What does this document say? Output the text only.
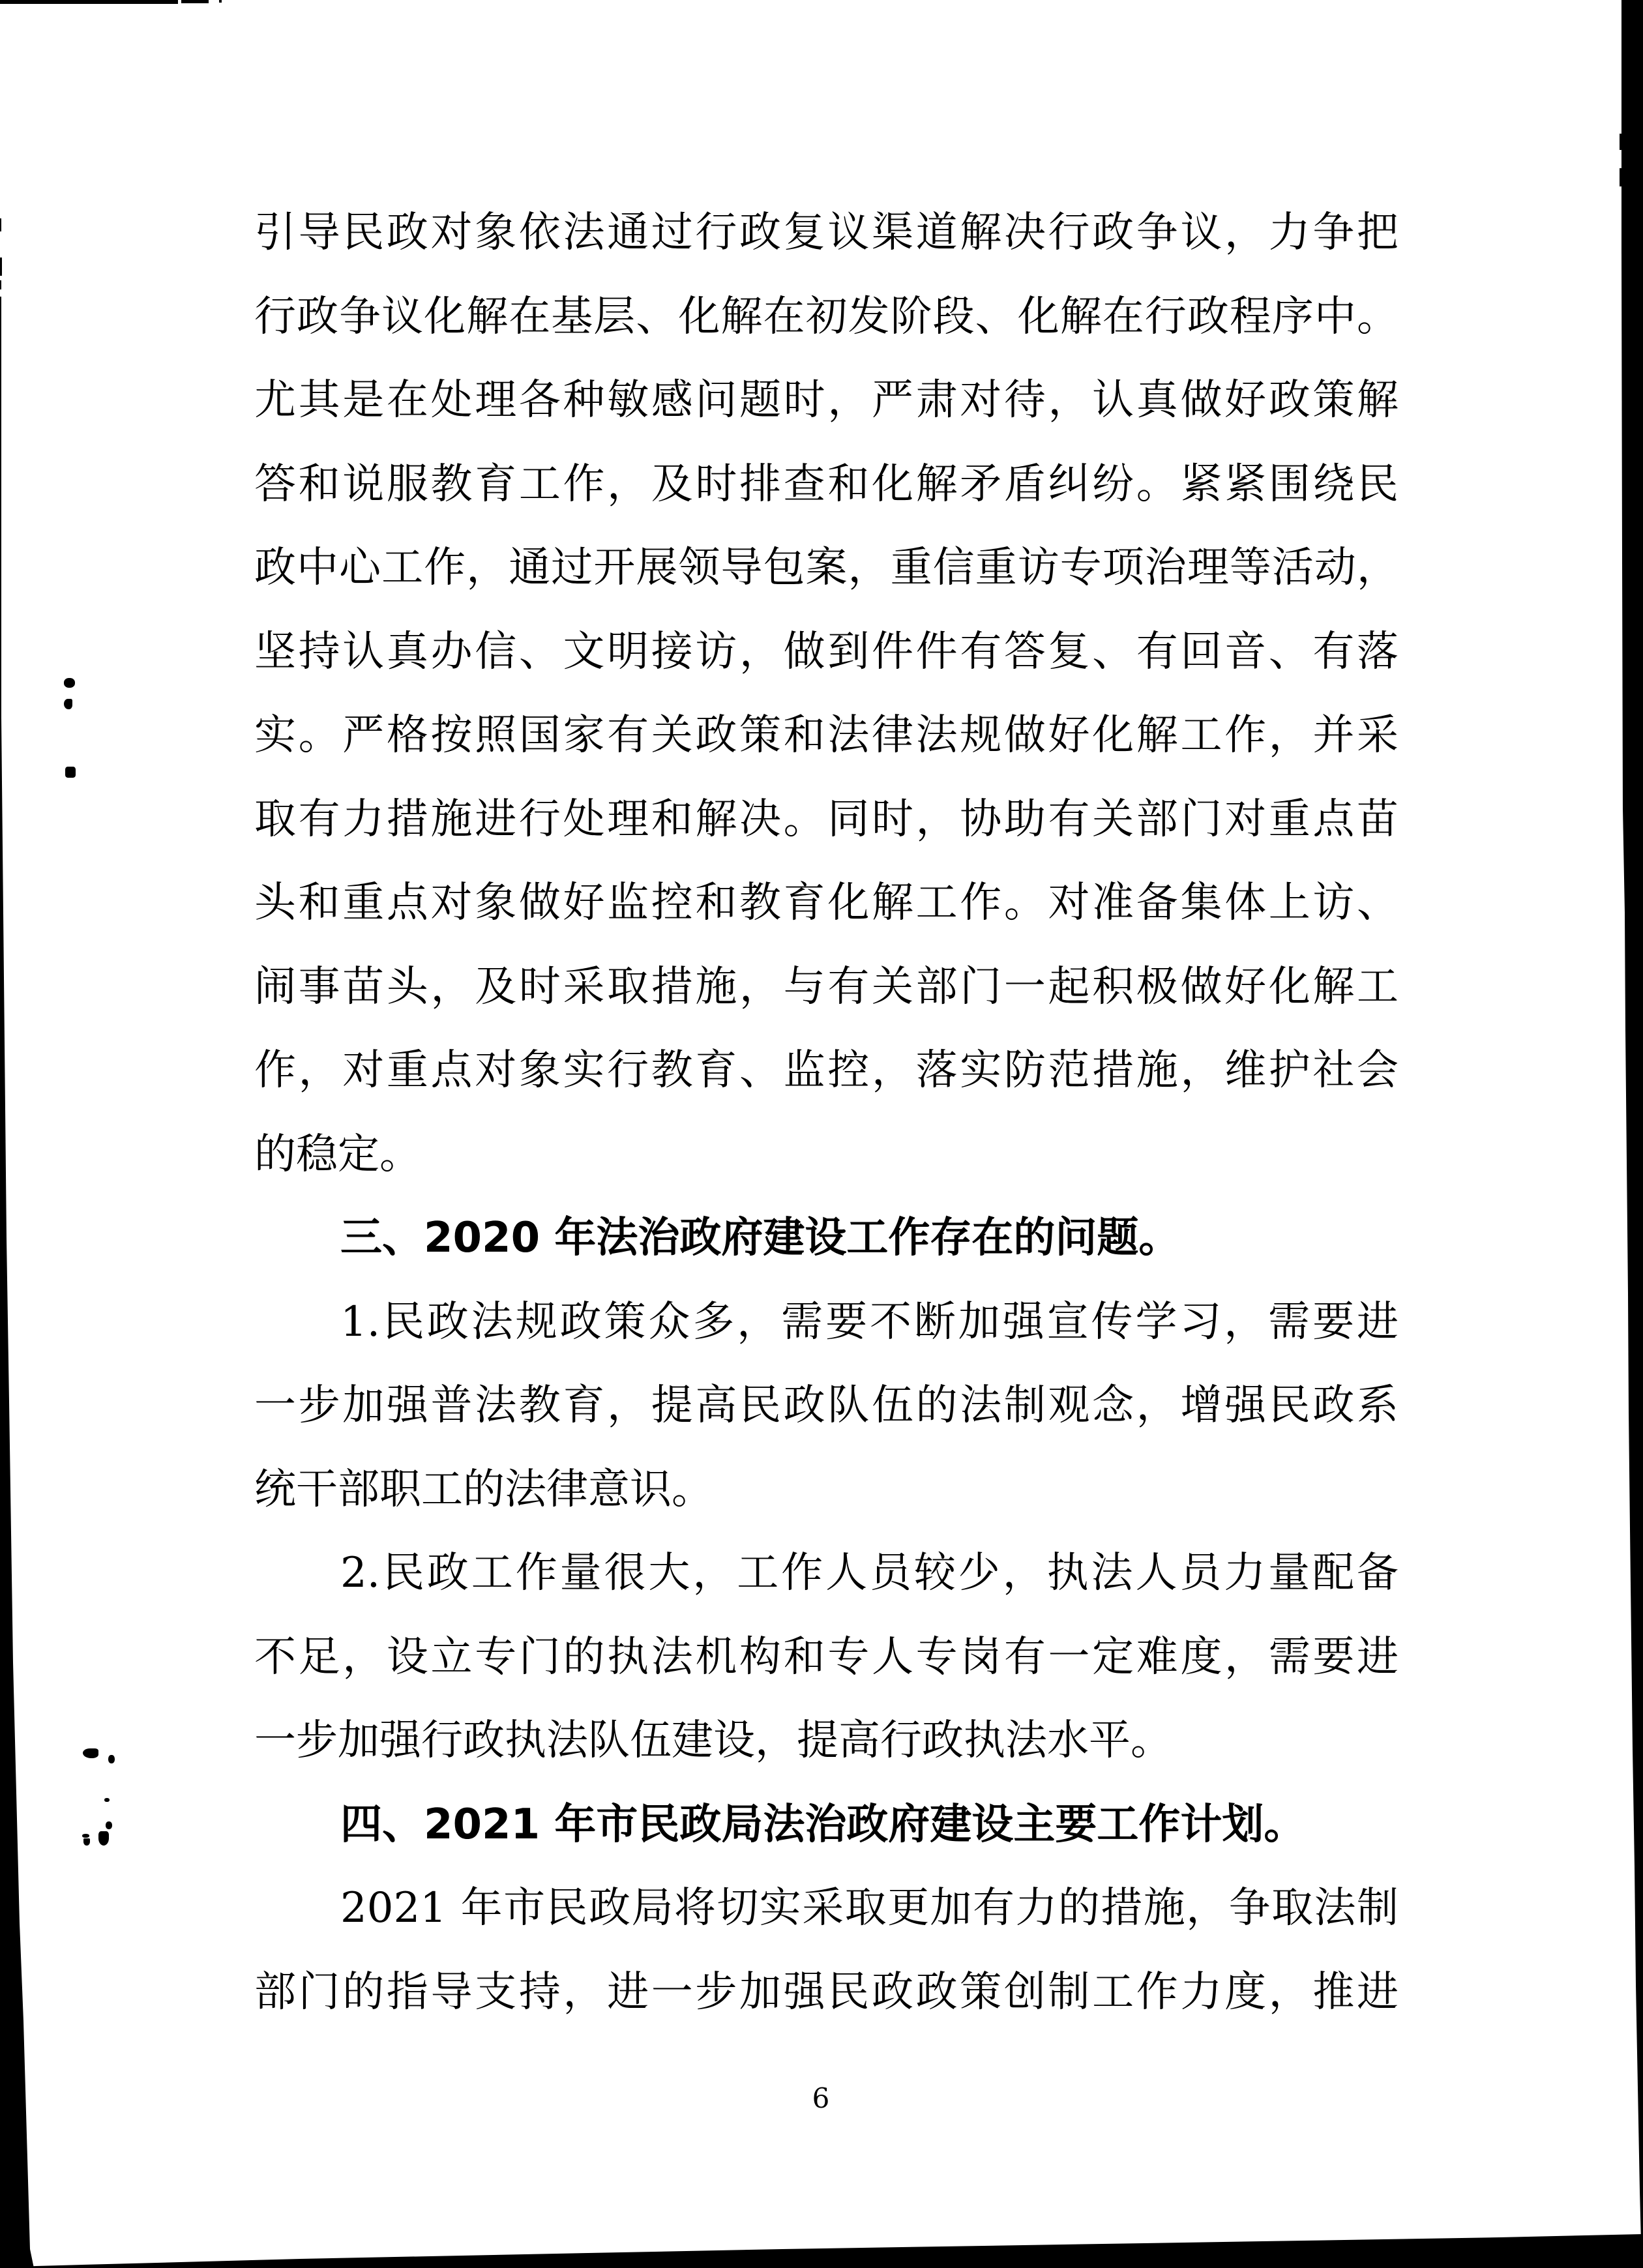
引导民政对象依法通过行政复议渠道解决行政争议，力争把
行政争议化解在基层、化解在初发阶段、化解在行政程序中。
尤其是在处理各种敏感问题时，严肃对待，认真做好政策解
答和说服教育工作，及时排查和化解矛盾纠纷。紧紧围绕民
政中心工作，通过开展领导包案，重信重访专项治理等活动，
坚持认真办信、文明接访，做到件件有答复、有回音、有落
实。严格按照国家有关政策和法律法规做好化解工作，并采
取有力措施进行处理和解决。同时，协助有关部门对重点苗
头和重点对象做好监控和教育化解工作。对准备集体上访、
闹事苗头，及时采取措施，与有关部门一起积极做好化解工
作，对重点对象实行教育、监控，落实防范措施，维护社会
的稳定。
三、2020 年法治政府建设工作存在的问题。
1.民政法规政策众多，需要不断加强宣传学习，需要进
一步加强普法教育，提高民政队伍的法制观念，增强民政系
统干部职工的法律意识。
2.民政工作量很大，工作人员较少，执法人员力量配备
不足，设立专门的执法机构和专人专岗有一定难度，需要进
一步加强行政执法队伍建设，提高行政执法水平。
四、2021 年市民政局法治政府建设主要工作计划。
2021 年市民政局将切实采取更加有力的措施，争取法制
部门的指导支持，进一步加强民政政策创制工作力度，推进
6
